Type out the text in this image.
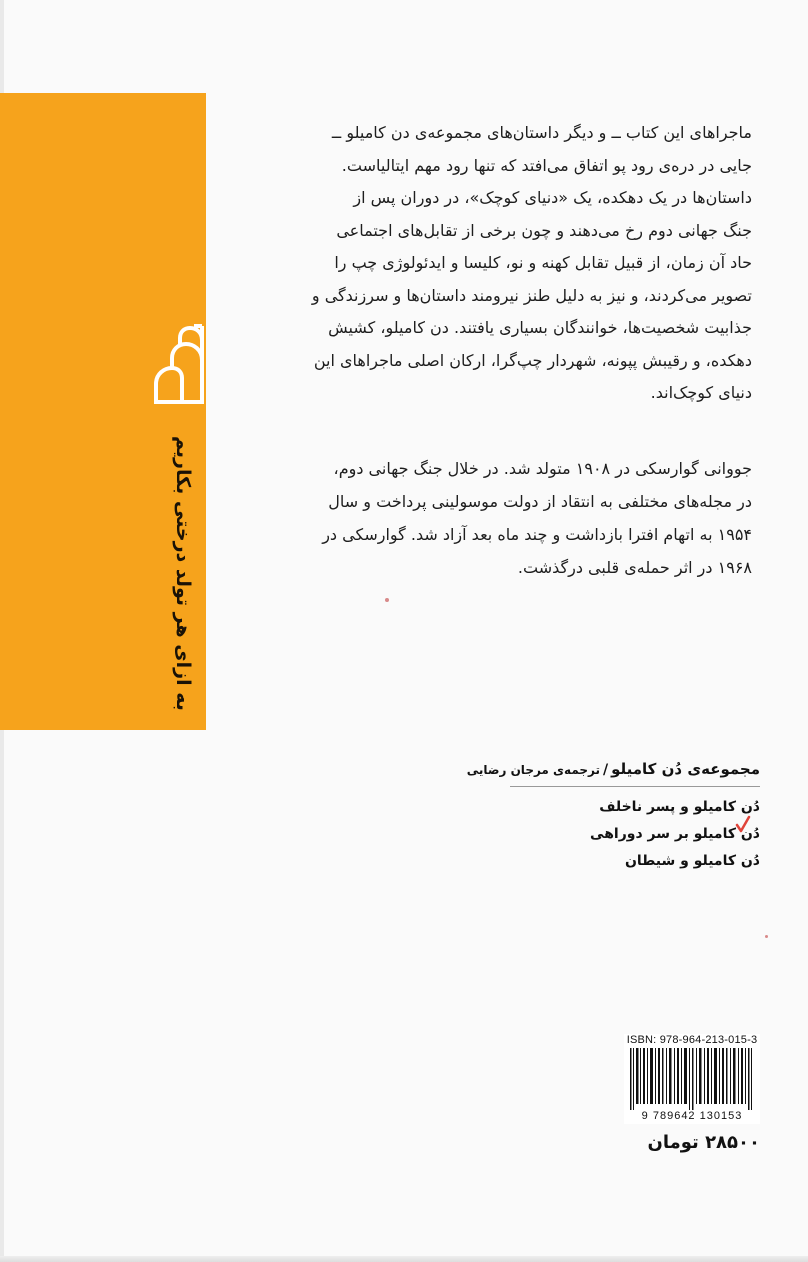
به ازای هر تولد درختی بکاریم

ماجراهای این کتاب ــ و دیگر داستان‌های مجموعه‌ی دن کامیلو ــ

جایی در دره‌ی رود پو اتفاق می‌افتد که تنها رود مهم ایتالیاست.

داستان‌ها در یک دهکده، یک «دنیای کوچک»، در دوران پس از

جنگ جهانی دوم رخ می‌دهند و چون برخی از تقابل‌های اجتماعی

حاد آن زمان، از قبیل تقابل کهنه و نو، کلیسا و ایدئولوژی چپ را

تصویر می‌کردند، و نیز به دلیل طنز نیرومند داستان‌ها و سرزندگی و

جذابیت شخصیت‌ها، خوانندگان بسیاری یافتند. دن کامیلو، کشیش

دهکده، و رقیبش پپونه، شهردار چپ‌گرا، ارکان اصلی ماجراهای این

دنیای کوچک‌اند.

جووانی گوارسکی در ۱۹۰۸ متولد شد. در خلال جنگ جهانی دوم،

در مجله‌های مختلفی به انتقاد از دولت موسولینی پرداخت و سال

۱۹۵۴ به اتهام افترا بازداشت و چند ماه بعد آزاد شد. گوارسکی در

۱۹۶۸ در اثر حمله‌ی قلبی درگذشت.

مجموعه‌ی دُن کامیلو/ترجمه‌ی مرجان رضایی
دُن کامیلو و پسر ناخلف
دُن کامیلو بر سر دوراهی
دُن کامیلو و شیطان
ISBN: 978-964-213-015-3
9 789642 130153
۲۸۵۰۰ تومان
